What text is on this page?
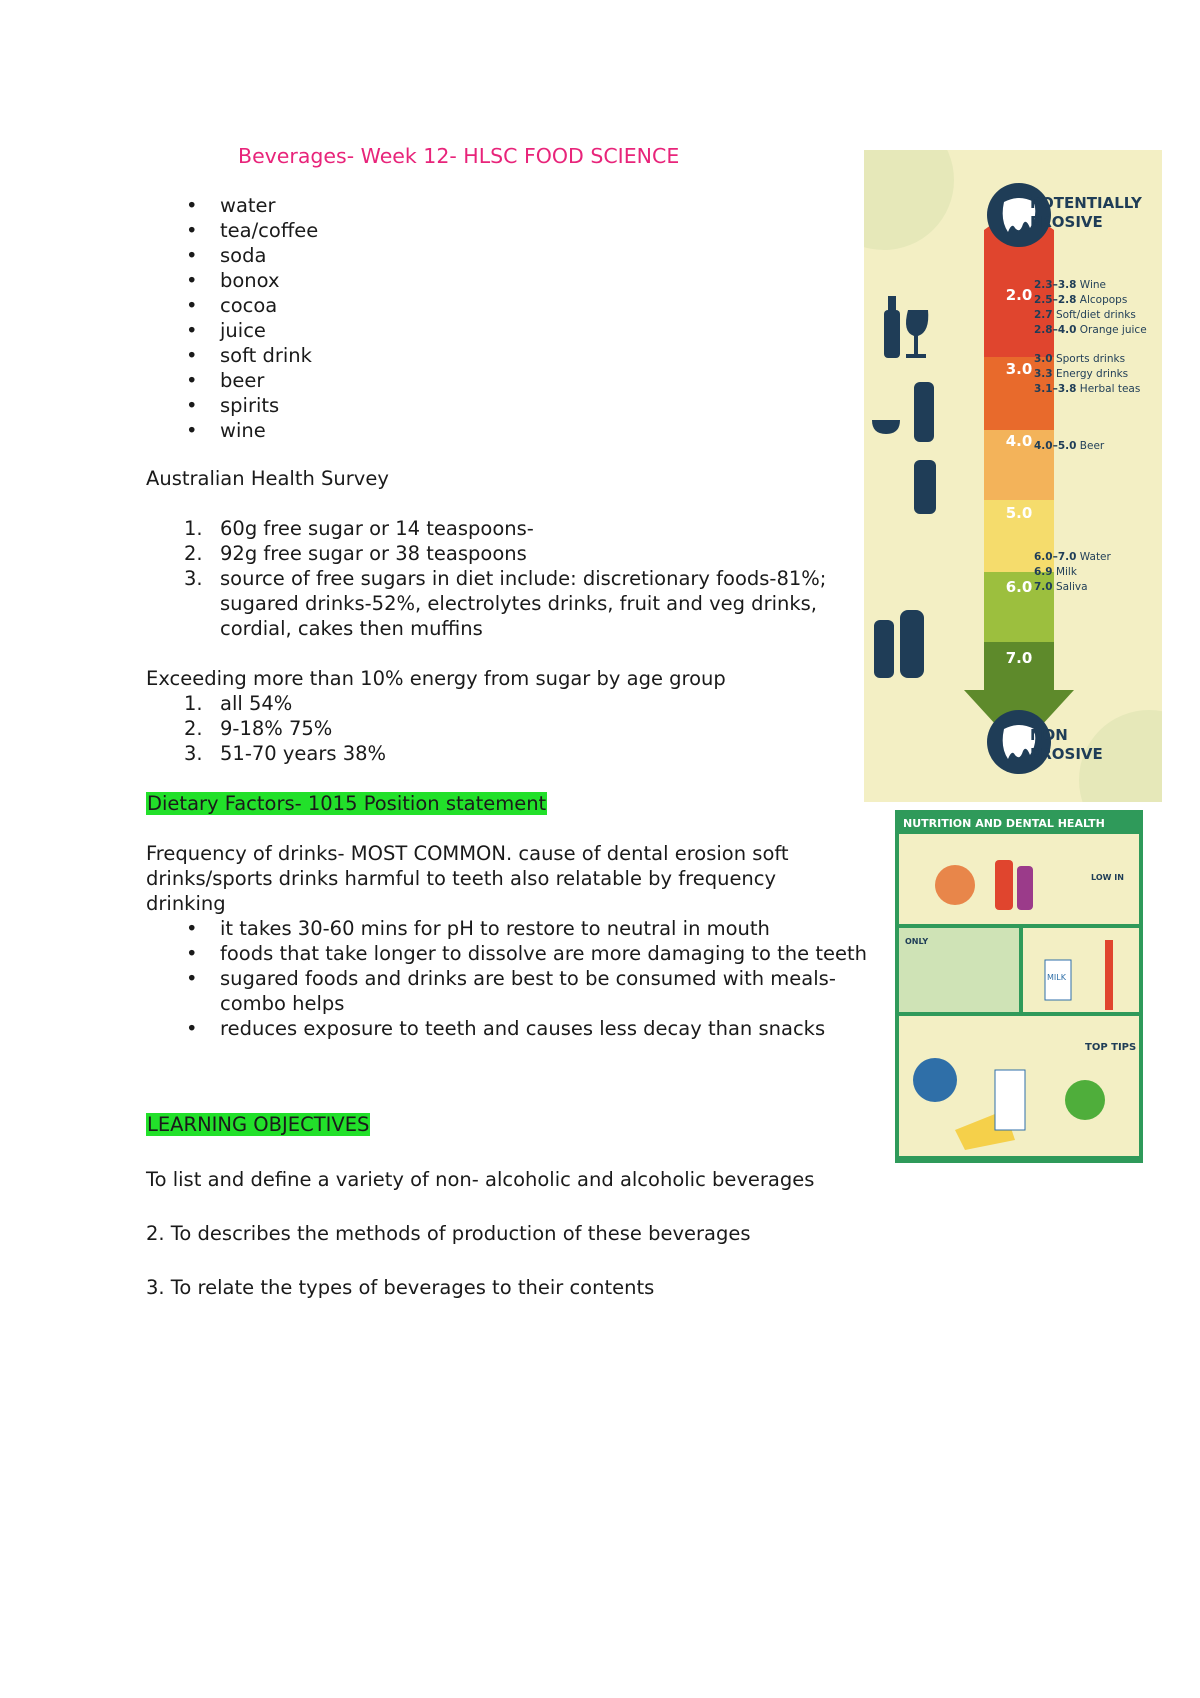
Beverages- Week 12- HLSC FOOD SCIENCE
• water
• tea/coffee
• soda
• bonox
• cocoa
• juice
• soft drink
• beer
• spirits
• wine
Australian Health Survey
1. 60g free sugar or 14 teaspoons-
2. 92g free sugar or 38 teaspoons
3. source of free sugars in diet include: discretionary foods-81%; sugared drinks-52%, electrolytes drinks, fruit and veg drinks, cordial, cakes then muffins
Exceeding more than 10% energy from sugar by age group
1. all 54%
2. 9-18% 75%
3. 51-70 years 38%
Dietary Factors- 1015 Position statement
Frequency of drinks- MOST COMMON. cause of dental erosion soft drinks/sports drinks harmful to teeth also relatable by frequency drinking
• it takes 30-60 mins for pH to restore to neutral in mouth
• foods that take longer to dissolve are more damaging to the teeth
• sugared foods and drinks are best to be consumed with meals- combo helps
• reduces exposure to teeth and causes less decay than snacks
LEARNING OBJECTIVES
To list and define a variety of non- alcoholic and alcoholic beverages
2. To describes the methods of production of these beverages
3. To relate the types of beverages to their contents
2.0
3.0
4.0
5.0
6.0
7.0
POTENTIALLY
EROSIVE
NON
EROSIVE
2.3–3.8 Wine
2.5–2.8 Alcopops
2.7 Soft/diet drinks
2.8–4.0 Orange juice
3.0 Sports drinks
3.3 Energy drinks
3.1–3.8 Herbal teas
4.0–5.0 Beer
6.0–7.0 Water
6.9 Milk
7.0 Saliva
NUTRITION AND DENTAL HEALTH
TOP TIPS
MILK
ONLY
LOW IN
